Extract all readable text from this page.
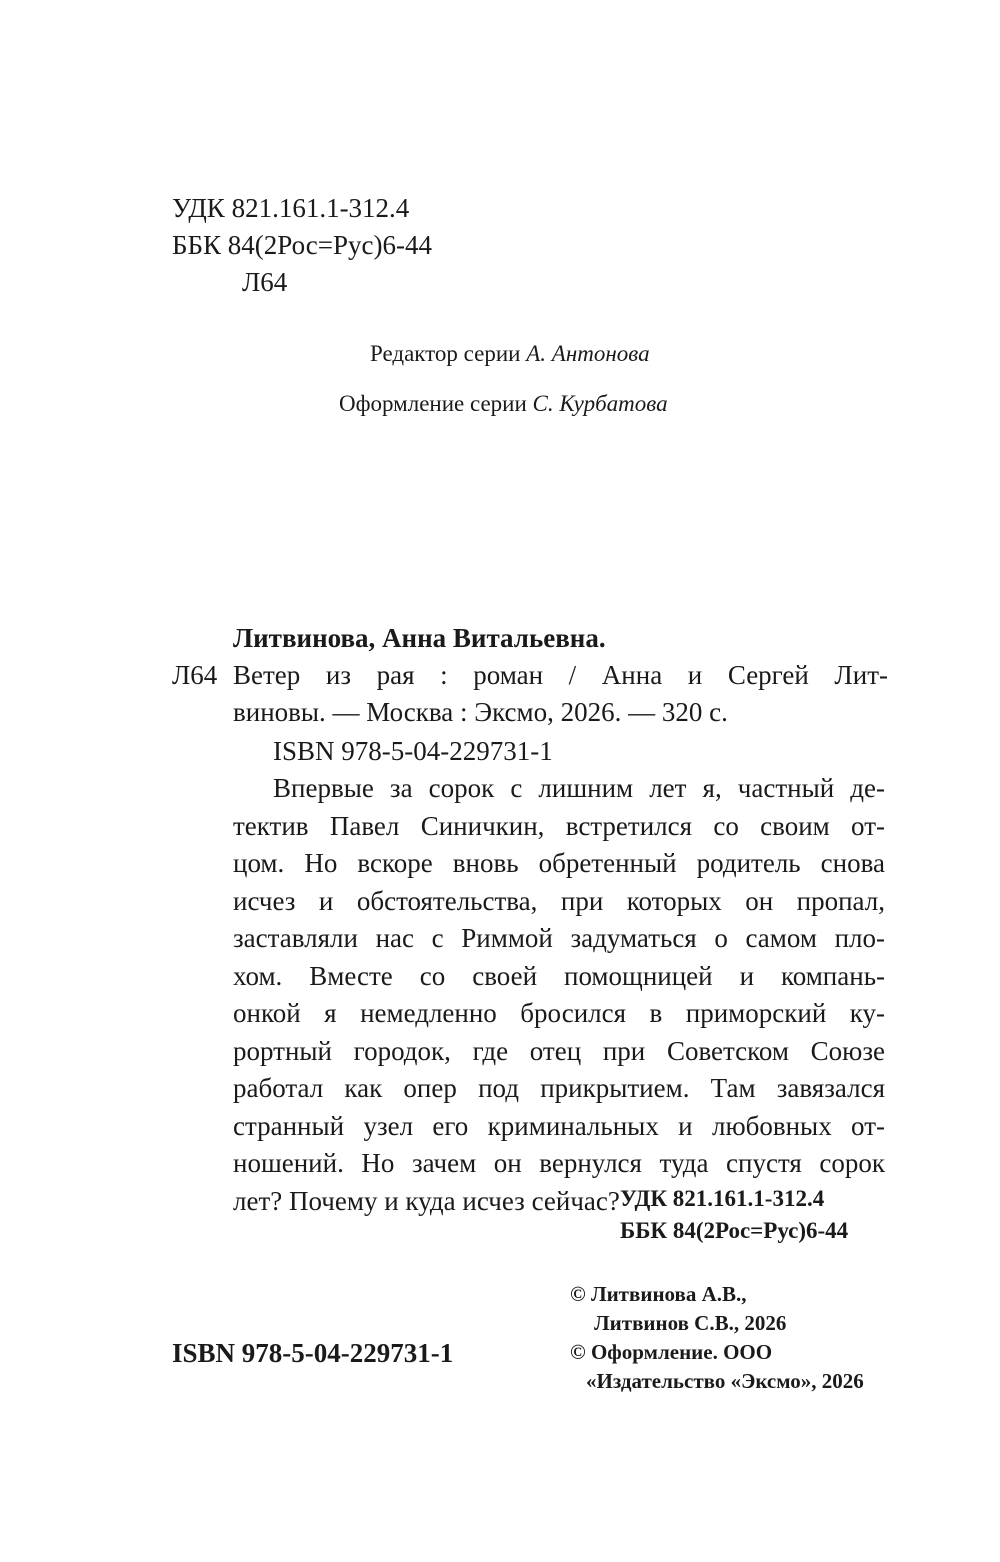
УДК 821.161.1-312.4
ББК 84(2Рос=Рус)6-44
Л64
Редактор серии А. Антонова
Оформление серии С. Курбатова
Литвинова, Анна Витальевна.
Л64 Ветер из рая : роман / Анна и Сергей Лит-
виновы. — Москва : Эксмо, 2026. — 320 с.
ISBN 978-5-04-229731-1
Впервые за сорок с лишним лет я, частный де-
тектив Павел Синичкин, встретился со своим от-
цом. Но вскоре вновь обретенный родитель снова
исчез и обстоятельства, при которых он пропал,
заставляли нас с Риммой задуматься о самом пло-
хом. Вместе со своей помощницей и компань-
онкой я немедленно бросился в приморский ку-
рортный городок, где отец при Советском Союзе
работал как опер под прикрытием. Там завязался
странный узел его криминальных и любовных от-
ношений. Но зачем он вернулся туда спустя сорок
лет? Почему и куда исчез сейчас? УДК 821.161.1-312.4
ББК 84(2Рос=Рус)6-44
© Литвинова А.В.,
Литвинов С.В., 2026
© Оформление. ООО
«Издательство «Эксмо», 2026
ISBN 978-5-04-229731-1
